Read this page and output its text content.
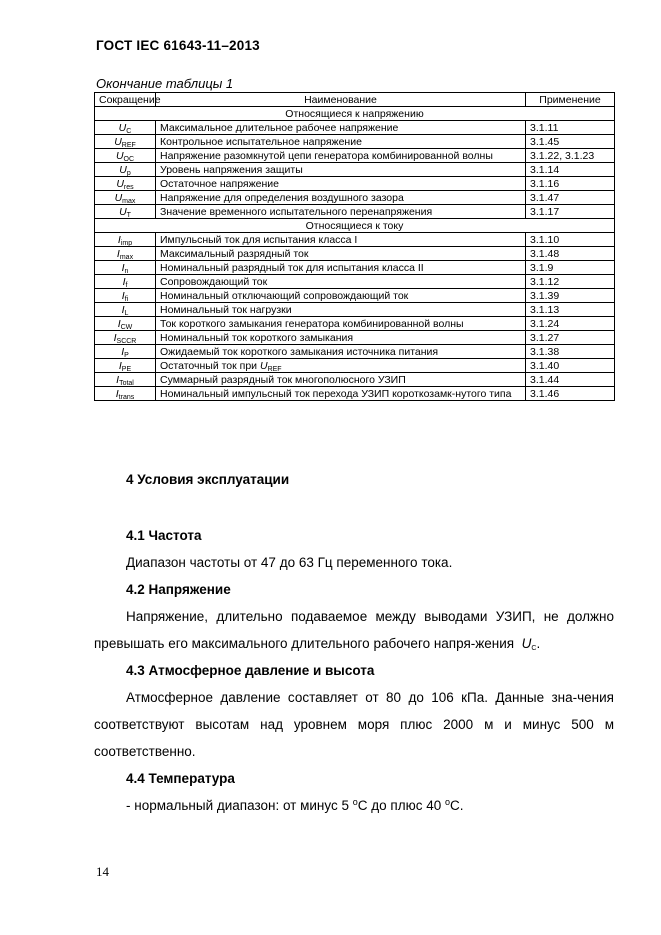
ГОСТ IEC 61643-11–2013
Окончание таблицы 1
Сокращение	Наименование	Применение
Относящиеся к напряжению		
$U_C$	Максимальное длительное рабочее напряжение	3.1.11
$U_{REF}$	Контрольное испытательное напряжение	3.1.45
$U_{OC}$	Напряжение разомкнутой цепи генератора комбинированной волны	3.1.22, 3.1.23
$U_p$	Уровень напряжения защиты	3.1.14
$U_{res}$	Остаточное напряжение	3.1.16
$U_{max}$	Напряжение для определения воздушного зазора	3.1.47
$U_T$	Значение временного испытательного перенапряжения	3.1.17
Относящиеся к току		
$I_{imp}$	Импульсный ток для испытания класса I	3.1.10
$I_{max}$	Максимальный разрядный ток	3.1.48
$I_n$	Номинальный разрядный ток для испытания класса II	3.1.9
$I_f$	Сопровождающий ток	3.1.12
$I_{fi}$	Номинальный отключающий сопровождающий ток	3.1.39
$I_L$	Номинальный ток нагрузки	3.1.13
$I_{CW}$	Ток короткого замыкания генератора комбинированной волны	3.1.24
$I_{SCCR}$	Номинальный ток короткого замыкания	3.1.27
$I_P$	Ожидаемый ток короткого замыкания источника питания	3.1.38
$I_{PE}$	Остаточный ток при $U_{REF}$	3.1.40
$I_{Total}$	Суммарный разрядный ток многополюсного УЗИП	3.1.44
$I_{trans}$	Номинальный импульсный ток перехода УЗИП короткозамк-нутого типа	3.1.46
4 Условия эксплуатации
4.1 Частота
Диапазон частоты от 47 до 63 Гц переменного тока.
4.2 Напряжение
Напряжение, длительно подаваемое между выводами УЗИП, не должно превышать его максимального длительного рабочего напря-жения $U_C$.
4.3 Атмосферное давление и высота
Атмосферное давление составляет от 80 до 106 кПа. Данные зна-чения соответствуют высотам над уровнем моря плюс 2000 м и минус 500 м соответственно.
4.4 Температура
- нормальный диапазон: от минус 5 $^o$С до плюс 40 $^o$С.
14
